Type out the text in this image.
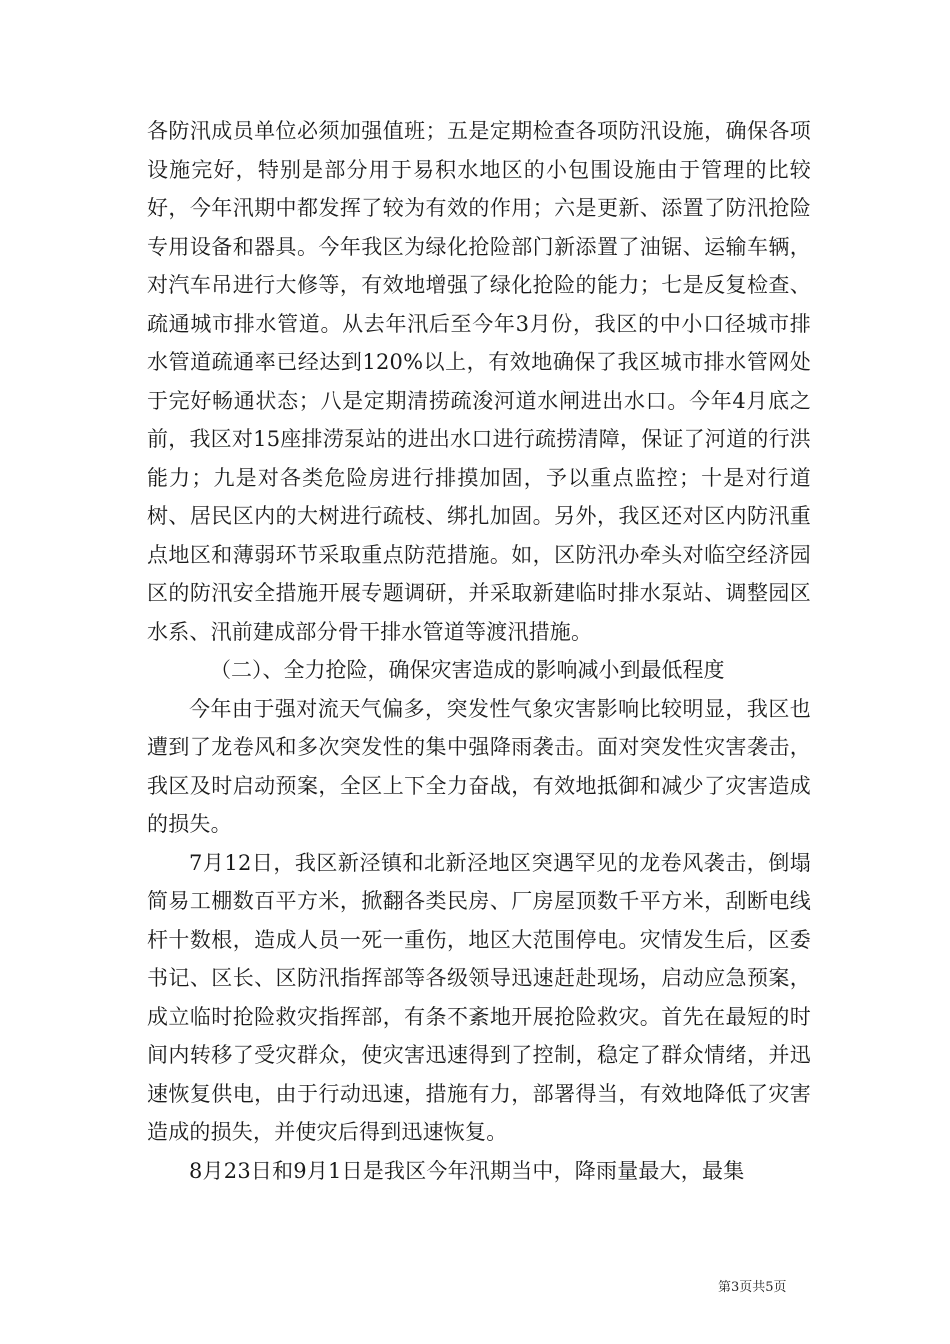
各防汛成员单位必须加强值班；五是定期检查各项防汛设施，确保各项设施完好，特别是部分用于易积水地区的小包围设施由于管理的比较好，今年汛期中都发挥了较为有效的作用；六是更新、添置了防汛抢险专用设备和器具。今年我区为绿化抢险部门新添置了油锯、运输车辆，对汽车吊进行大修等，有效地增强了绿化抢险的能力；七是反复检查、疏通城市排水管道。从去年汛后至今年3月份，我区的中小口径城市排水管道疏通率已经达到120%以上，有效地确保了我区城市排水管网处于完好畅通状态；八是定期清捞疏浚河道水闸进出水口。今年4月底之前，我区对15座排涝泵站的进出水口进行疏捞清障，保证了河道的行洪能力；九是对各类危险房进行排摸加固，予以重点监控；十是对行道树、居民区内的大树进行疏枝、绑扎加固。另外，我区还对区内防汛重点地区和薄弱环节采取重点防范措施。如，区防汛办牵头对临空经济园区的防汛安全措施开展专题调研，并采取新建临时排水泵站、调整园区水系、汛前建成部分骨干排水管道等渡汛措施。

（二）、全力抢险，确保灾害造成的影响减小到最低程度

今年由于强对流天气偏多，突发性气象灾害影响比较明显，我区也遭到了龙卷风和多次突发性的集中强降雨袭击。面对突发性灾害袭击，我区及时启动预案，全区上下全力奋战，有效地抵御和减少了灾害造成的损失。

7月12日，我区新泾镇和北新泾地区突遇罕见的龙卷风袭击，倒塌简易工棚数百平方米，掀翻各类民房、厂房屋顶数千平方米，刮断电线杆十数根，造成人员一死一重伤，地区大范围停电。灾情发生后，区委书记、区长、区防汛指挥部等各级领导迅速赶赴现场，启动应急预案，成立临时抢险救灾指挥部，有条不紊地开展抢险救灾。首先在最短的时间内转移了受灾群众，使灾害迅速得到了控制，稳定了群众情绪，并迅速恢复供电，由于行动迅速，措施有力，部署得当，有效地降低了灾害造成的损失，并使灾后得到迅速恢复。

8月23日和9月1日是我区今年汛期当中，降雨量最大，最集

第3页共5页
